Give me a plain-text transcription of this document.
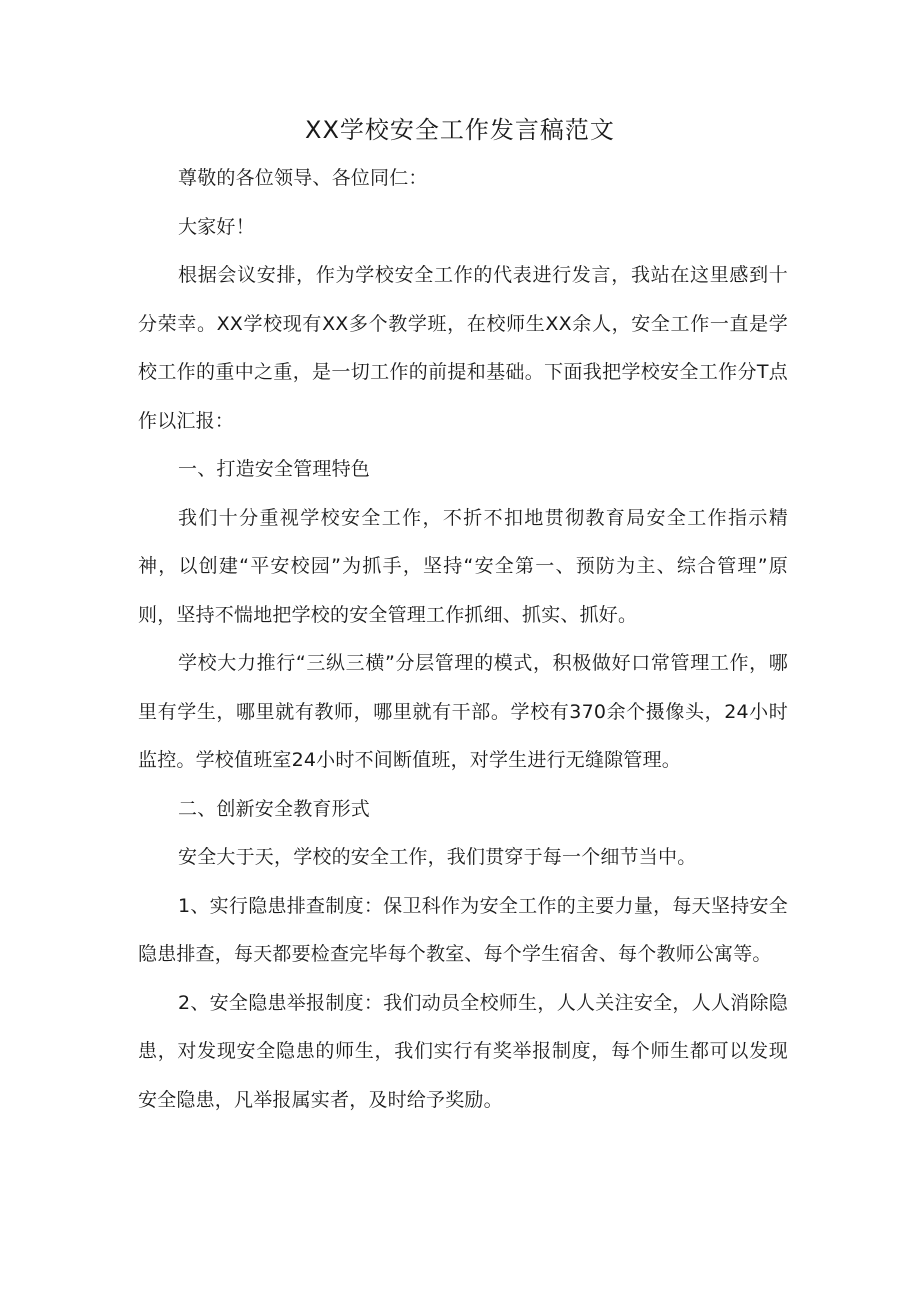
XX学校安全工作发言稿范文

尊敬的各位领导、各位同仁：

大家好！

根据会议安排，作为学校安全工作的代表进行发言，我站在这里感到十分荣幸。XX学校现有XX多个教学班，在校师生XX余人，安全工作一直是学校工作的重中之重，是一切工作的前提和基础。下面我把学校安全工作分T点作以汇报：

一、打造安全管理特色

我们十分重视学校安全工作，不折不扣地贯彻教育局安全工作指示精神，以创建“平安校园”为抓手，坚持“安全第一、预防为主、综合管理”原则，坚持不惴地把学校的安全管理工作抓细、抓实、抓好。

学校大力推行“三纵三横”分层管理的模式，积极做好口常管理工作，哪里有学生，哪里就有教师，哪里就有干部。学校有370余个摄像头，24小时监控。学校值班室24小时不间断值班，对学生进行无缝隙管理。

二、创新安全教育形式

安全大于天，学校的安全工作，我们贯穿于每一个细节当中。

1、实行隐患排查制度：保卫科作为安全工作的主要力量，每天坚持安全隐患排查，每天都要检查完毕每个教室、每个学生宿舍、每个教师公寓等。

2、安全隐患举报制度：我们动员全校师生，人人关注安全，人人消除隐患，对发现安全隐患的师生，我们实行有奖举报制度，每个师生都可以发现安全隐患，凡举报属实者，及时给予奖励。
